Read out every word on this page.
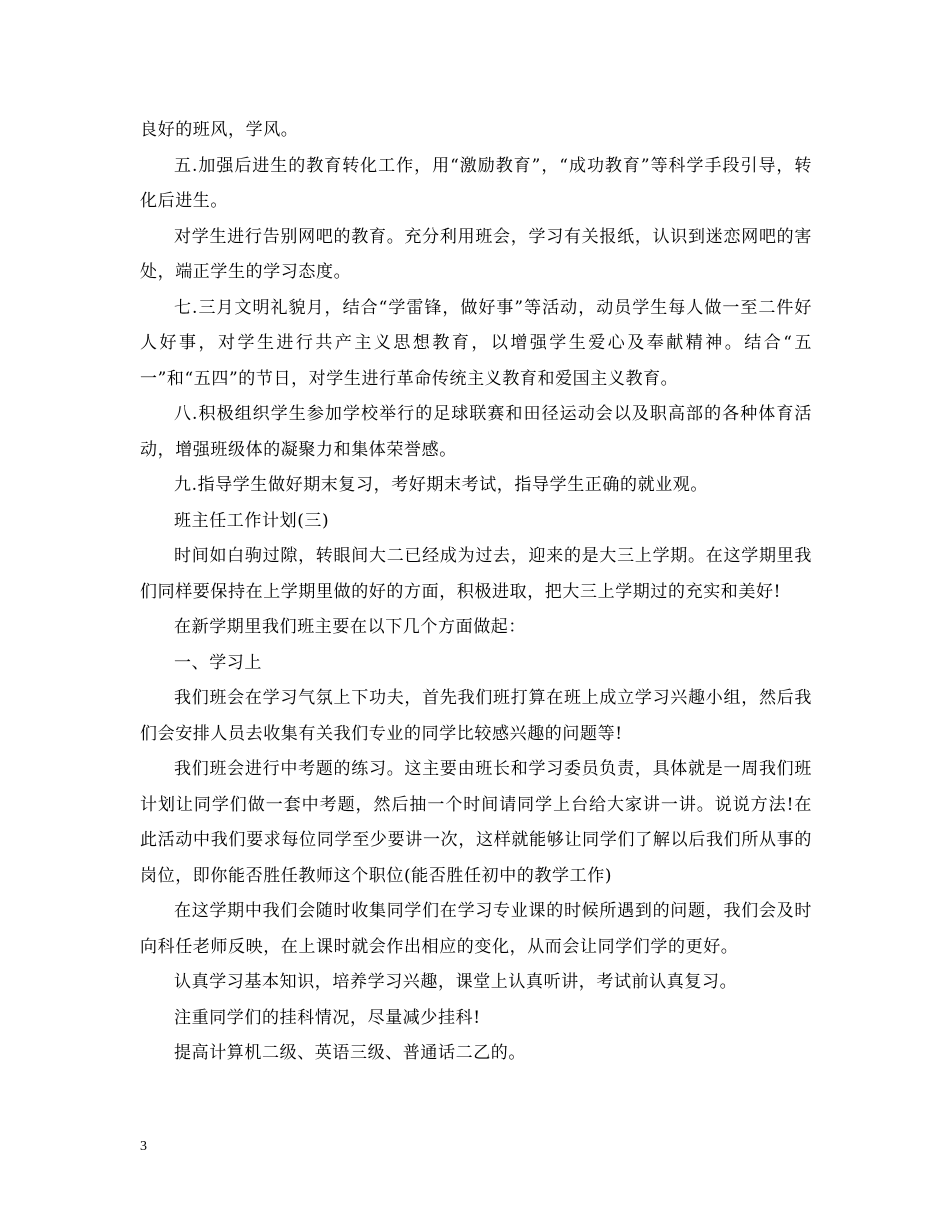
良好的班风，学风。

五.加强后进生的教育转化工作，用“激励教育”，“成功教育”等科学手段引导，转化后进生。

对学生进行告别网吧的教育。充分利用班会，学习有关报纸，认识到迷恋网吧的害处，端正学生的学习态度。

七.三月文明礼貌月，结合“学雷锋，做好事”等活动，动员学生每人做一至二件好人好事，对学生进行共产主义思想教育，以增强学生爱心及奉献精神。结合“五一”和“五四”的节日，对学生进行革命传统主义教育和爱国主义教育。

八.积极组织学生参加学校举行的足球联赛和田径运动会以及职高部的各种体育活动，增强班级体的凝聚力和集体荣誉感。

九.指导学生做好期末复习，考好期末考试，指导学生正确的就业观。

班主任工作计划(三)

时间如白驹过隙，转眼间大二已经成为过去，迎来的是大三上学期。在这学期里我们同样要保持在上学期里做的好的方面，积极进取，把大三上学期过的充实和美好!

在新学期里我们班主要在以下几个方面做起：

一、学习上

我们班会在学习气氛上下功夫，首先我们班打算在班上成立学习兴趣小组，然后我们会安排人员去收集有关我们专业的同学比较感兴趣的问题等!

我们班会进行中考题的练习。这主要由班长和学习委员负责，具体就是一周我们班计划让同学们做一套中考题，然后抽一个时间请同学上台给大家讲一讲。说说方法!在此活动中我们要求每位同学至少要讲一次，这样就能够让同学们了解以后我们所从事的岗位，即你能否胜任教师这个职位(能否胜任初中的教学工作)

在这学期中我们会随时收集同学们在学习专业课的时候所遇到的问题，我们会及时向科任老师反映，在上课时就会作出相应的变化，从而会让同学们学的更好。

认真学习基本知识，培养学习兴趣，课堂上认真听讲，考试前认真复习。

注重同学们的挂科情况，尽量减少挂科!

提高计算机二级、英语三级、普通话二乙的。

3
